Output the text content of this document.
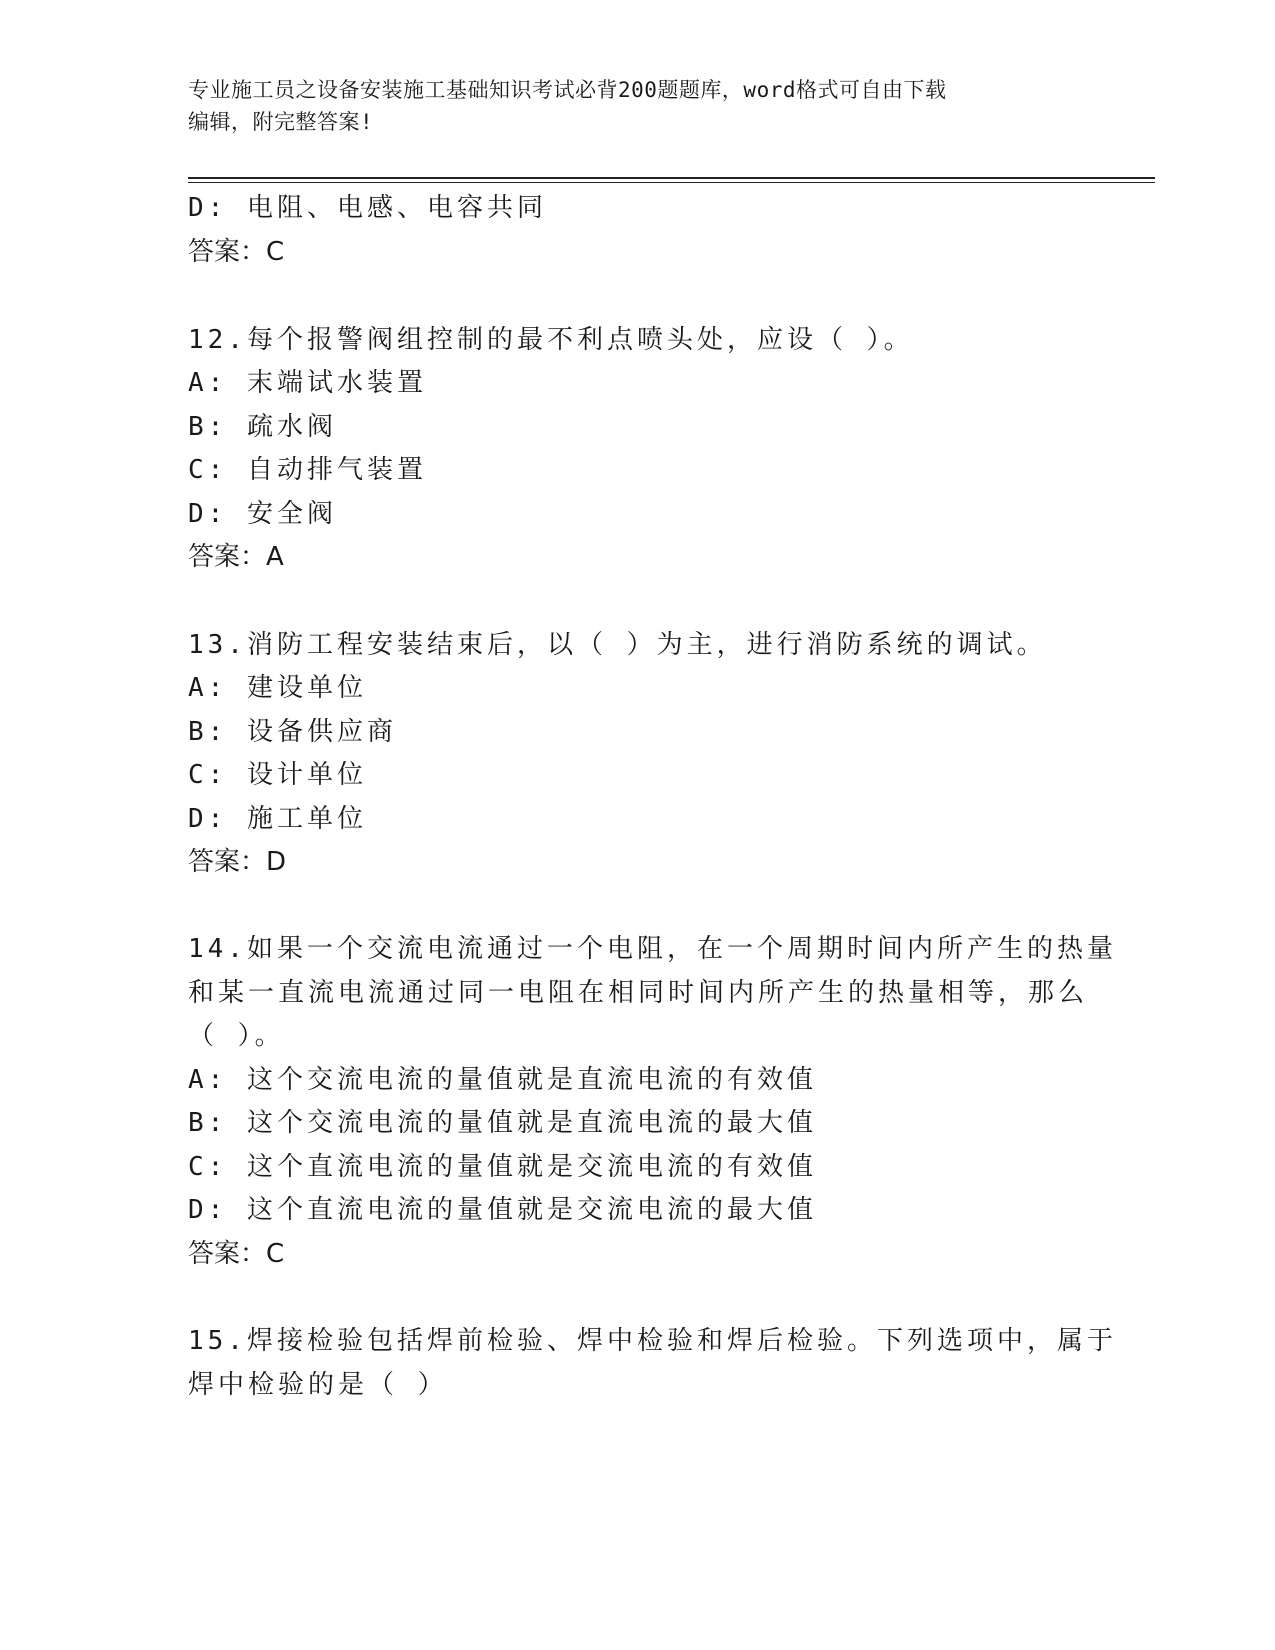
专业施工员之设备安装施工基础知识考试必背200题题库，word格式可自由下载
编辑，附完整答案!
D: 电阻、电感、电容共同
答案：C
12.每个报警阀组控制的最不利点喷头处，应设（ ）。
A: 末端试水装置
B: 疏水阀
C: 自动排气装置
D: 安全阀
答案：A
13.消防工程安装结束后，以（ ）为主，进行消防系统的调试。
A: 建设单位
B: 设备供应商
C: 设计单位
D: 施工单位
答案：D
14.如果一个交流电流通过一个电阻，在一个周期时间内所产生的热量
和某一直流电流通过同一电阻在相同时间内所产生的热量相等，那么
（ ）。
A: 这个交流电流的量值就是直流电流的有效值
B: 这个交流电流的量值就是直流电流的最大值
C: 这个直流电流的量值就是交流电流的有效值
D: 这个直流电流的量值就是交流电流的最大值
答案：C
15.焊接检验包括焊前检验、焊中检验和焊后检验。下列选项中，属于
焊中检验的是（ ）
